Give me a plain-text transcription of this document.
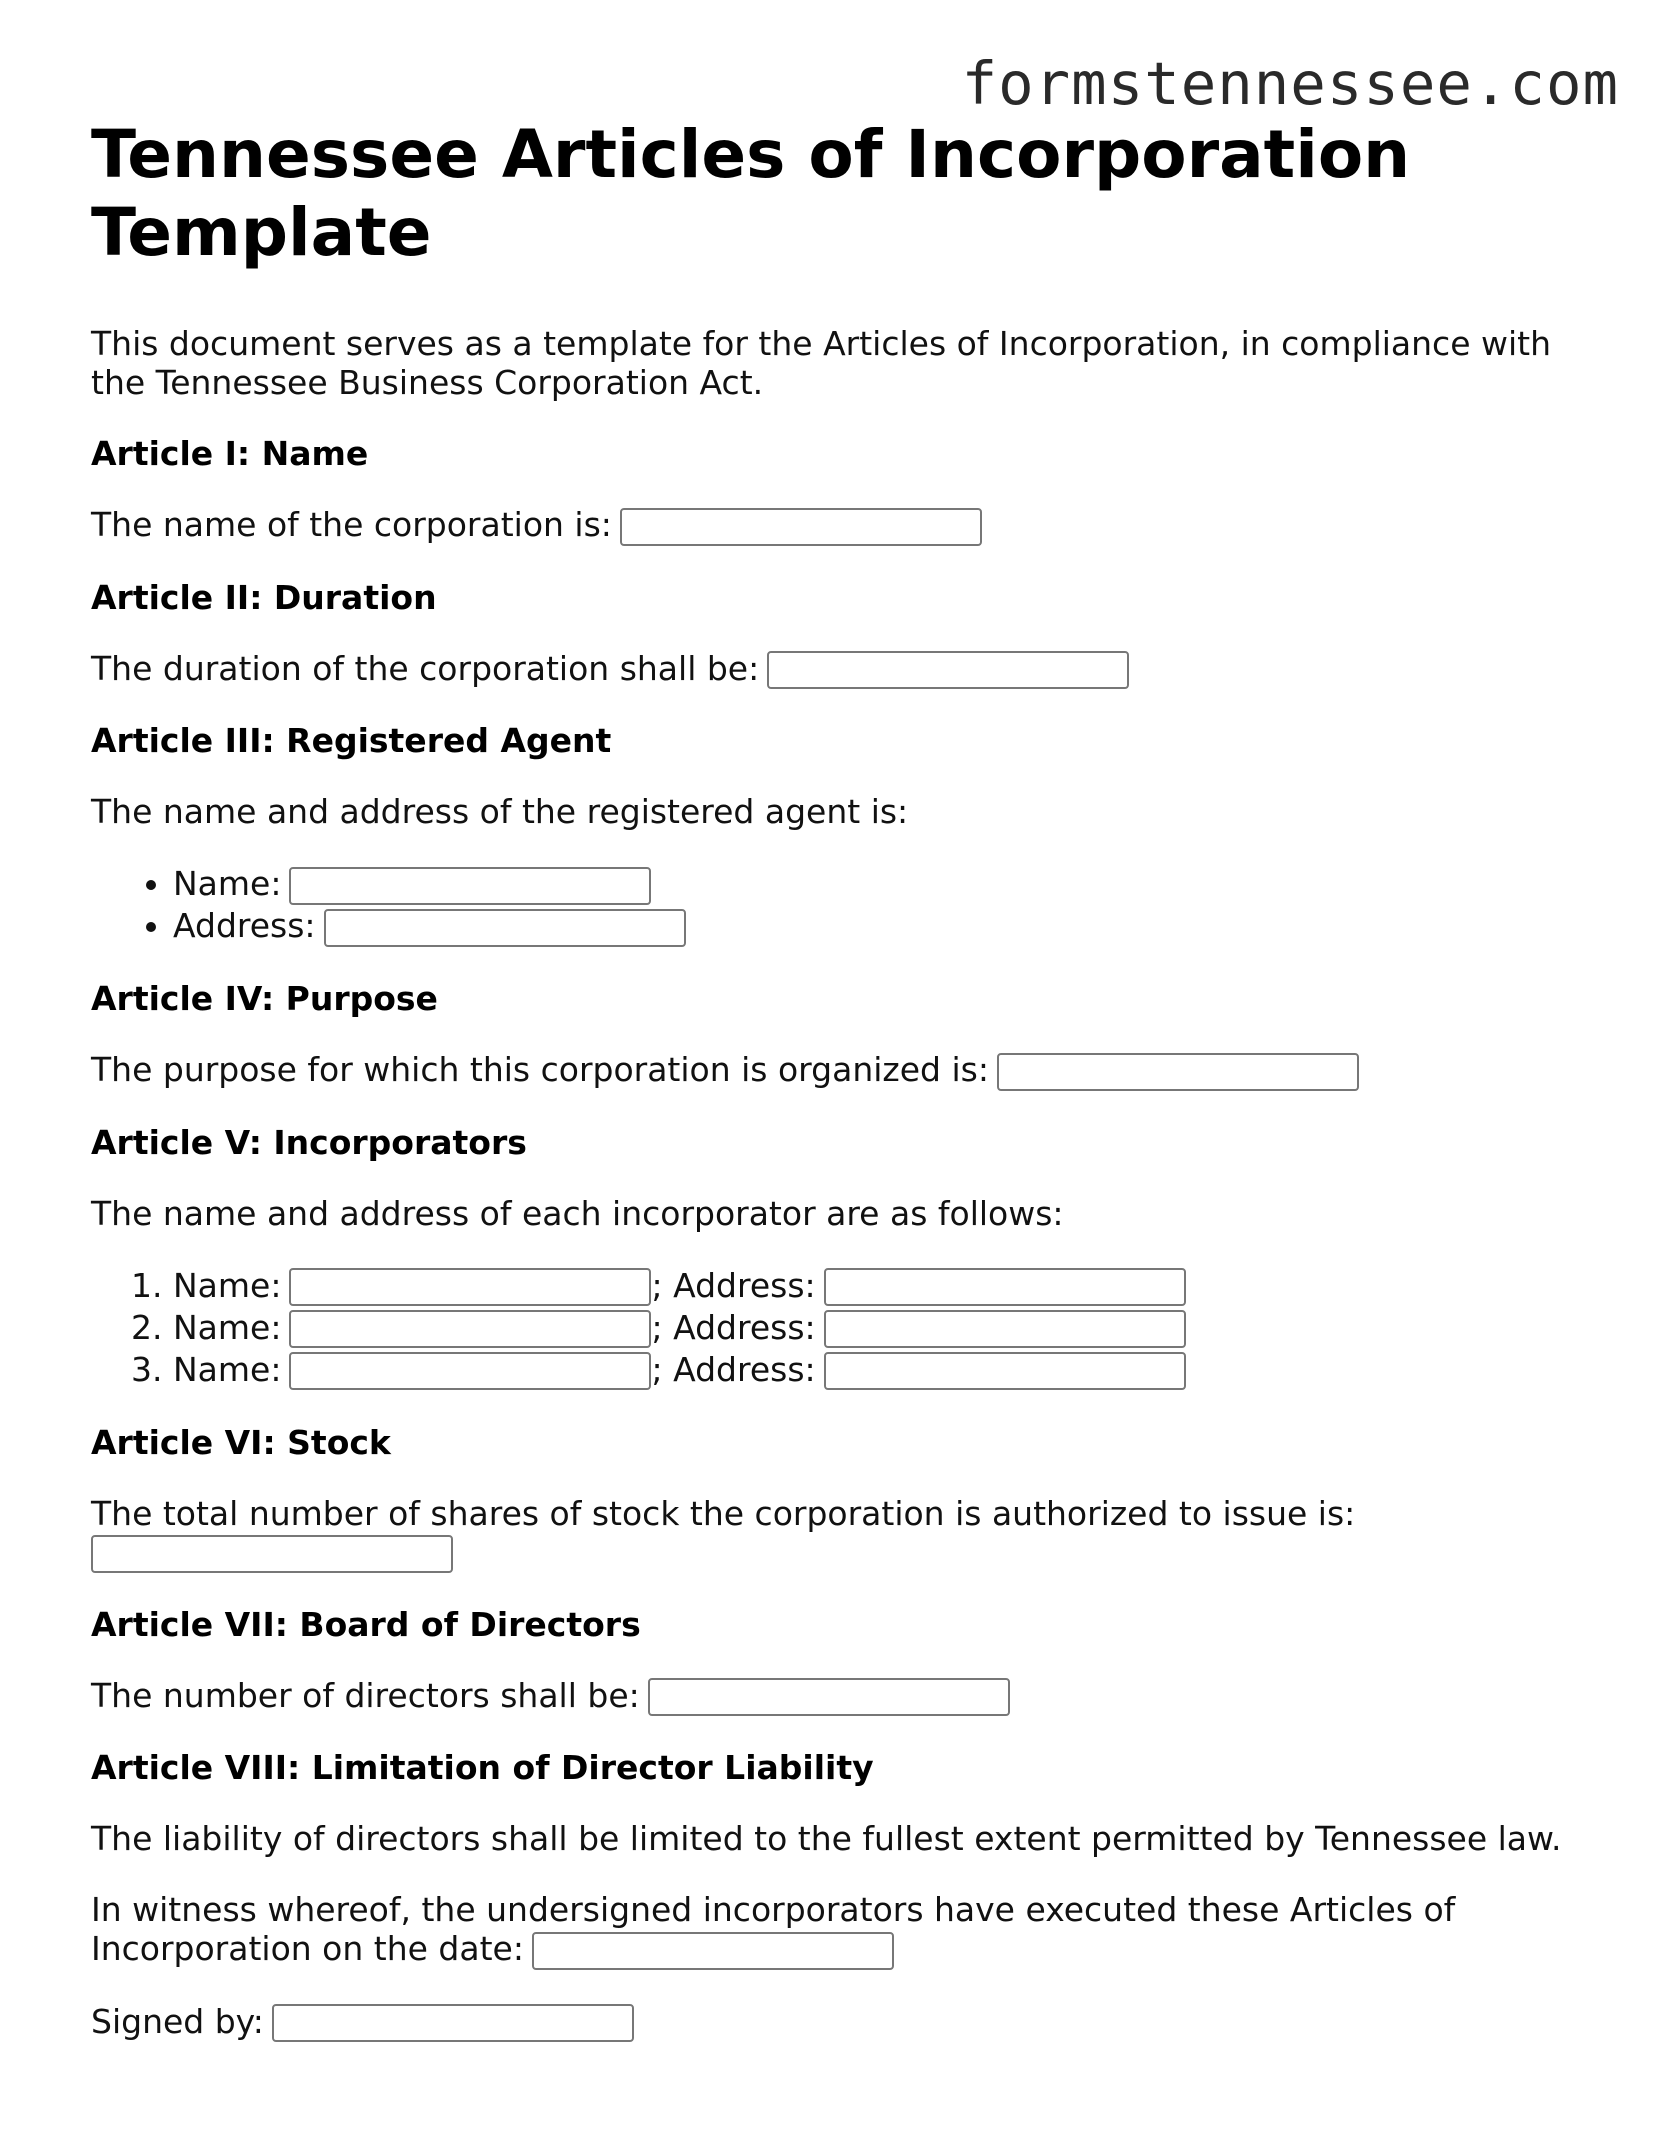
formstennessee.com
Tennessee Articles of Incorporation Template

This document serves as a template for the Articles of Incorporation, in compliance with the Tennessee Business Corporation Act.

Article I: Name

The name of the corporation is:

Article II: Duration

The duration of the corporation shall be:

Article III: Registered Agent

The name and address of the registered agent is:

• Name:
• Address:
Article IV: Purpose

The purpose for which this corporation is organized is:

Article V: Incorporators

The name and address of each incorporator are as follows:

1. Name:	; Address:
2. Name:	; Address:
3. Name:	; Address:
Article VI: Stock

The total number of shares of stock the corporation is authorized to issue is:

Article VII: Board of Directors

The number of directors shall be:

Article VIII: Limitation of Director Liability

The liability of directors shall be limited to the fullest extent permitted by Tennessee law.

In witness whereof, the undersigned incorporators have executed these Articles of Incorporation on the date:

Signed by:
